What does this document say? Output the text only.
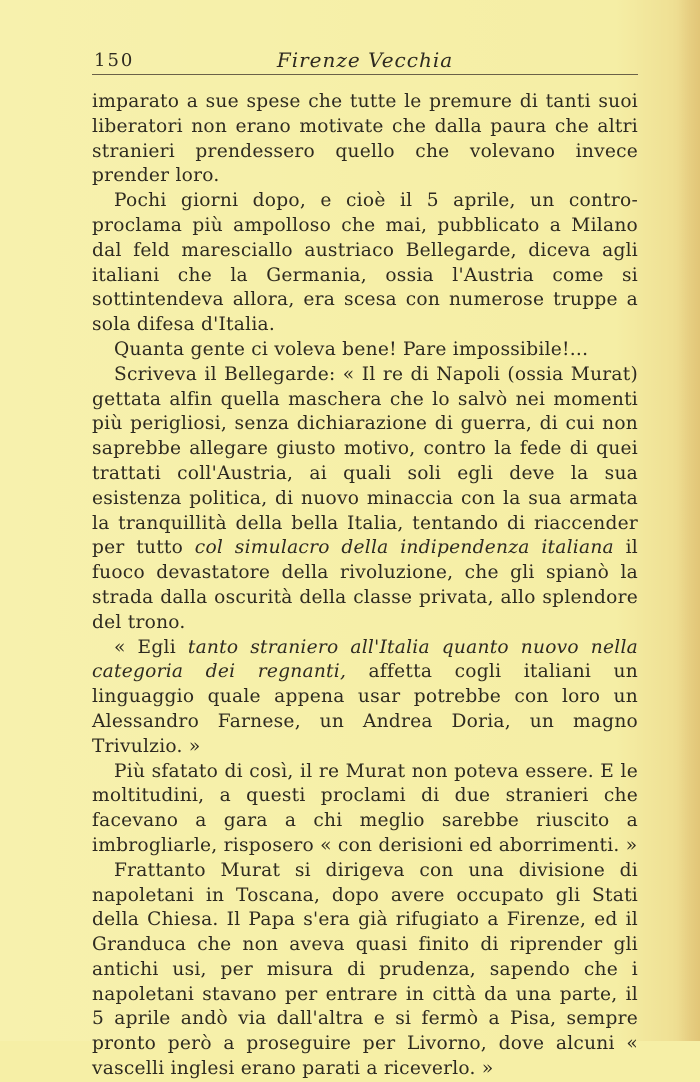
150	Firenze Vecchia

imparato a sue spese che tutte le premure di tanti suoi liberatori non erano motivate che dalla paura che altri stranieri prendessero quello che volevano invece prender loro.

Pochi giorni dopo, e cioè il 5 aprile, un contro-proclama più ampolloso che mai, pubblicato a Milano dal feld maresciallo austriaco Bellegarde, diceva agli italiani che la Germania, ossia l'Austria come si sottintendeva allora, era scesa con numerose truppe a sola difesa d'Italia.

Quanta gente ci voleva bene! Pare impossibile!...

Scriveva il Bellegarde: « Il re di Napoli (ossia Murat) gettata alfin quella maschera che lo salvò nei momenti più perigliosi, senza dichiarazione di guerra, di cui non saprebbe allegare giusto motivo, contro la fede di quei trattati coll'Austria, ai quali soli egli deve la sua esistenza politica, di nuovo minaccia con la sua armata la tranquillità della bella Italia, tentando di riaccender per tutto col simulacro della indipendenza italiana il fuoco devastatore della rivoluzione, che gli spianò la strada dalla oscurità della classe privata, allo splendore del trono.

« Egli tanto straniero all'Italia quanto nuovo nella categoria dei regnanti, affetta cogli italiani un linguaggio quale appena usar potrebbe con loro un Alessandro Farnese, un Andrea Doria, un magno Trivulzio. »

Più sfatato di così, il re Murat non poteva essere. E le moltitudini, a questi proclami di due stranieri che facevano a gara a chi meglio sarebbe riuscito a imbrogliarle, risposero « con derisioni ed aborrimenti. »

Frattanto Murat si dirigeva con una divisione di napoletani in Toscana, dopo avere occupato gli Stati della Chiesa. Il Papa s'era già rifugiato a Firenze, ed il Granduca che non aveva quasi finito di riprender gli antichi usi, per misura di prudenza, sapendo che i napoletani stavano per entrare in città da una parte, il 5 aprile andò via dall'altra e si fermò a Pisa, sempre pronto però a proseguire per Livorno, dove alcuni « vascelli inglesi erano parati a riceverlo. »
